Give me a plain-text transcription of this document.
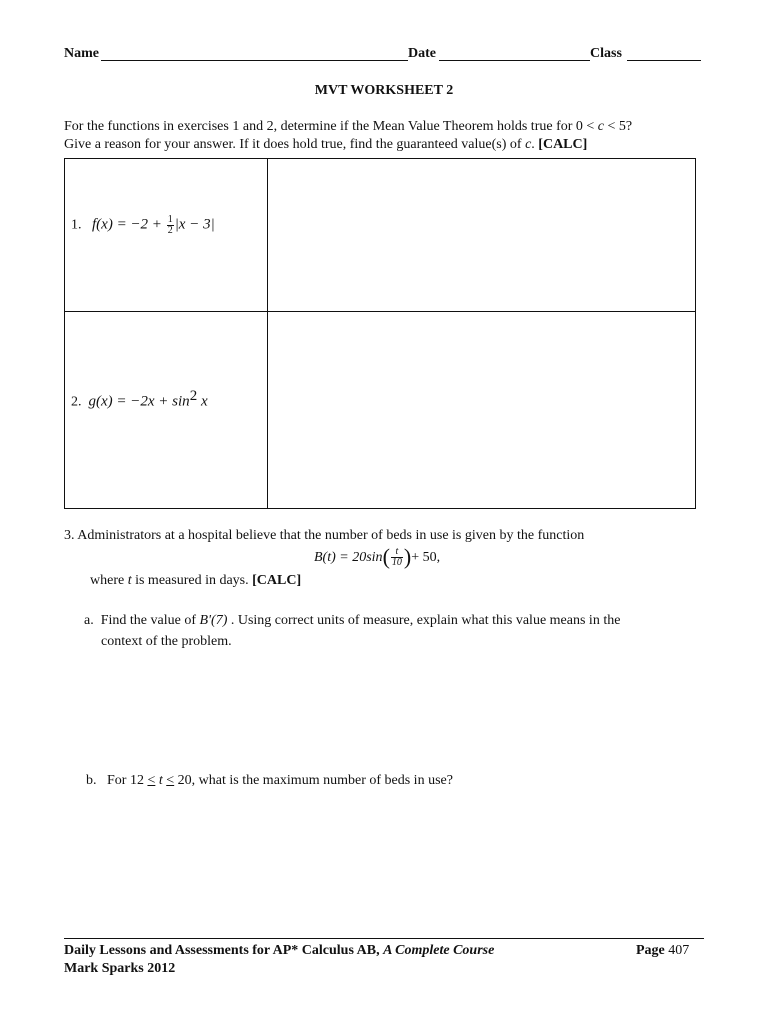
Name	Date	Class
MVT WORKSHEET 2
For the functions in exercises 1 and 2, determine if the Mean Value Theorem holds true for 0 < c < 5?
Give a reason for your answer. If it does hold true, find the guaranteed value(s) of c. [CALC]
1. $f(x) = -2 + \frac{1}{2} |x - 3|$
2. $g(x) = -2x + \sin^2 x$
3. Administrators at a hospital believe that the number of beds in use is given by the function
$B(t) = 20\sin( \frac{t}{10}$ )+ 50,
where t is measured in days. [CALC]
a. Find the value of B'(7) . Using correct units of measure, explain what this value means in the
context of the problem.
b. For 12 ≤ t ≤ 20, what is the maximum number of beds in use?
Daily Lessons and Assessments for AP* Calculus AB, A Complete Course
Mark Sparks 2012
Page 407
